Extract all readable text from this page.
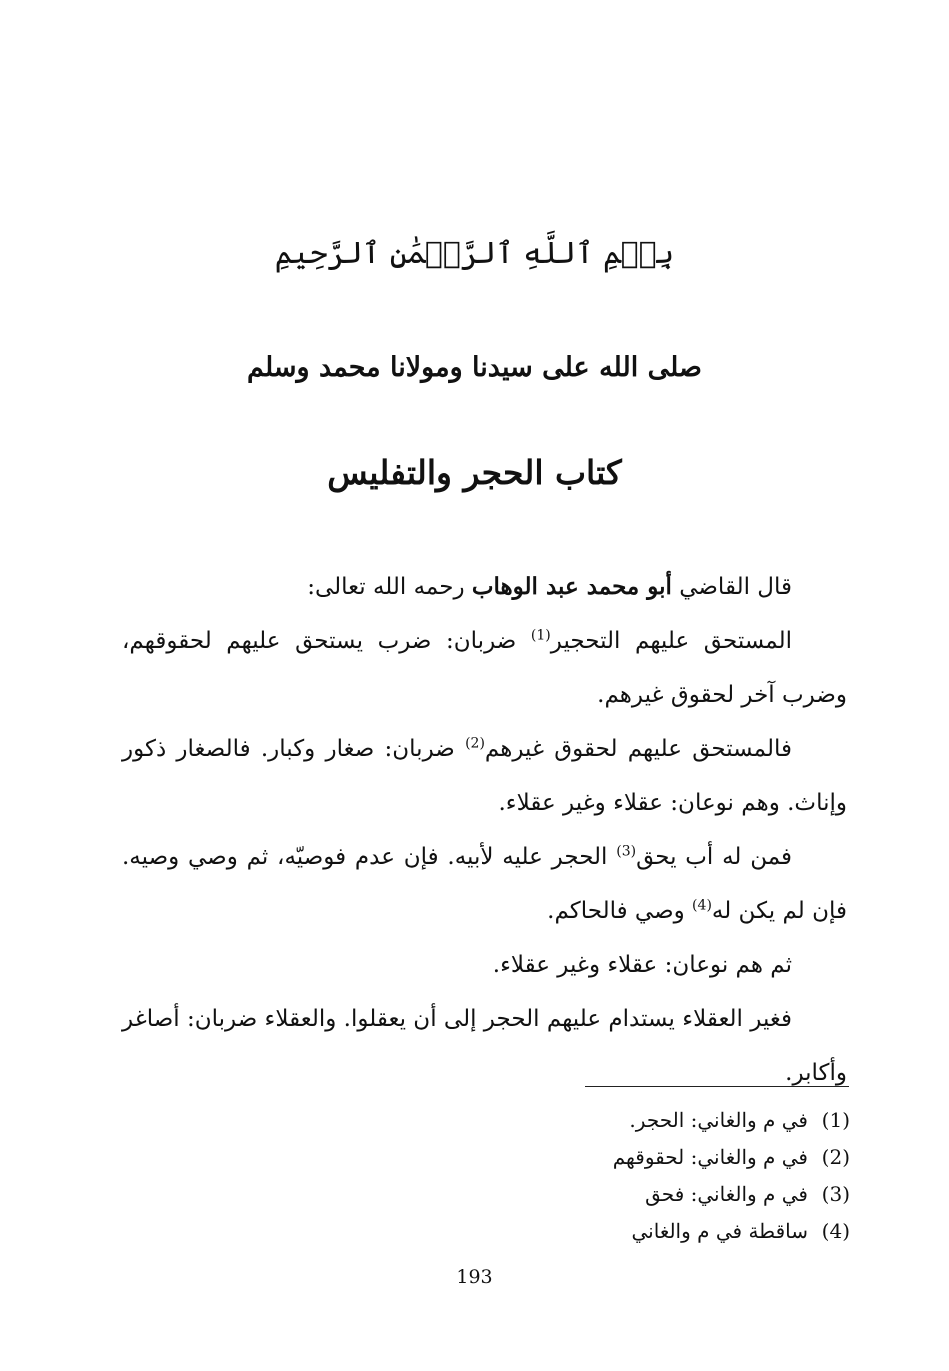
بِسۡمِ ٱللَّهِ ٱلرَّحۡمَٰنِ ٱلرَّحِيمِ
صلى الله على سيدنا ومولانا محمد وسلم
كتاب الحجر والتفليس

قال القاضي أبو محمد عبد الوهاب رحمه الله تعالى:

المستحق عليهم التحجير$^{(1)}$ ضربان: ضرب يستحق عليهم لحقوقهم، وضرب آخر لحقوق غيرهم.

فالمستحق عليهم لحقوق غيرهم$^{(2)}$ ضربان: صغار وكبار. فالصغار ذكور وإناث. وهم نوعان: عقلاء وغير عقلاء.

فمن له أب يحق$^{(3)}$ الحجر عليه لأبيه. فإن عدم فوصيّه، ثم وصي وصيه. فإن لم يكن له$^{(4)}$ وصي فالحاكم.

ثم هم نوعان: عقلاء وغير عقلاء.

فغير العقلاء يستدام عليهم الحجر إلى أن يعقلوا. والعقلاء ضربان: أصاغر وأكابر.

(1)
في م والغاني: الحجر.
(2)
في م والغاني: لحقوقهم
(3)
في م والغاني: فحق
(4)
ساقطة في م والغاني
193
